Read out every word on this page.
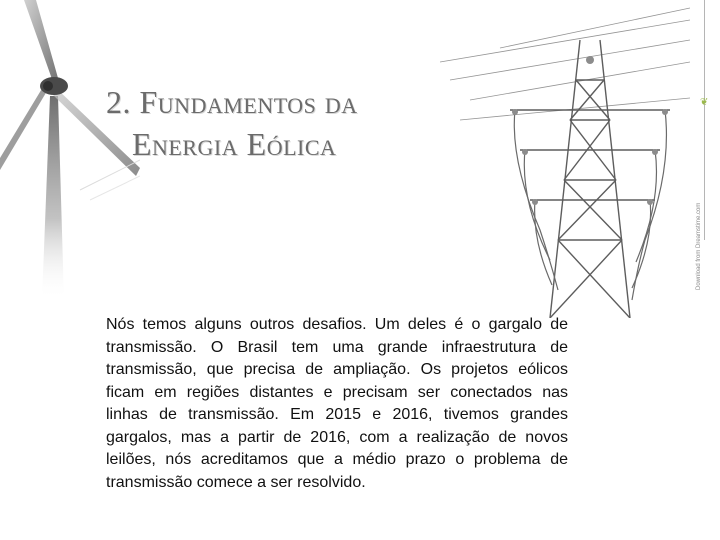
2. Fundamentos da
Energia Eólica
❦
Download from Dreamstime.com

Nós temos alguns outros desafios. Um deles é o gargalo de transmissão. O Brasil tem uma grande infraestrutura de transmissão, que precisa de ampliação. Os projetos eólicos ficam em regiões distantes e precisam ser conectados nas linhas de transmissão. Em 2015 e 2016, tivemos grandes gargalos, mas a partir de 2016, com a realização de novos leilões, nós acreditamos que a médio prazo o problema de transmissão comece a ser resolvido.
